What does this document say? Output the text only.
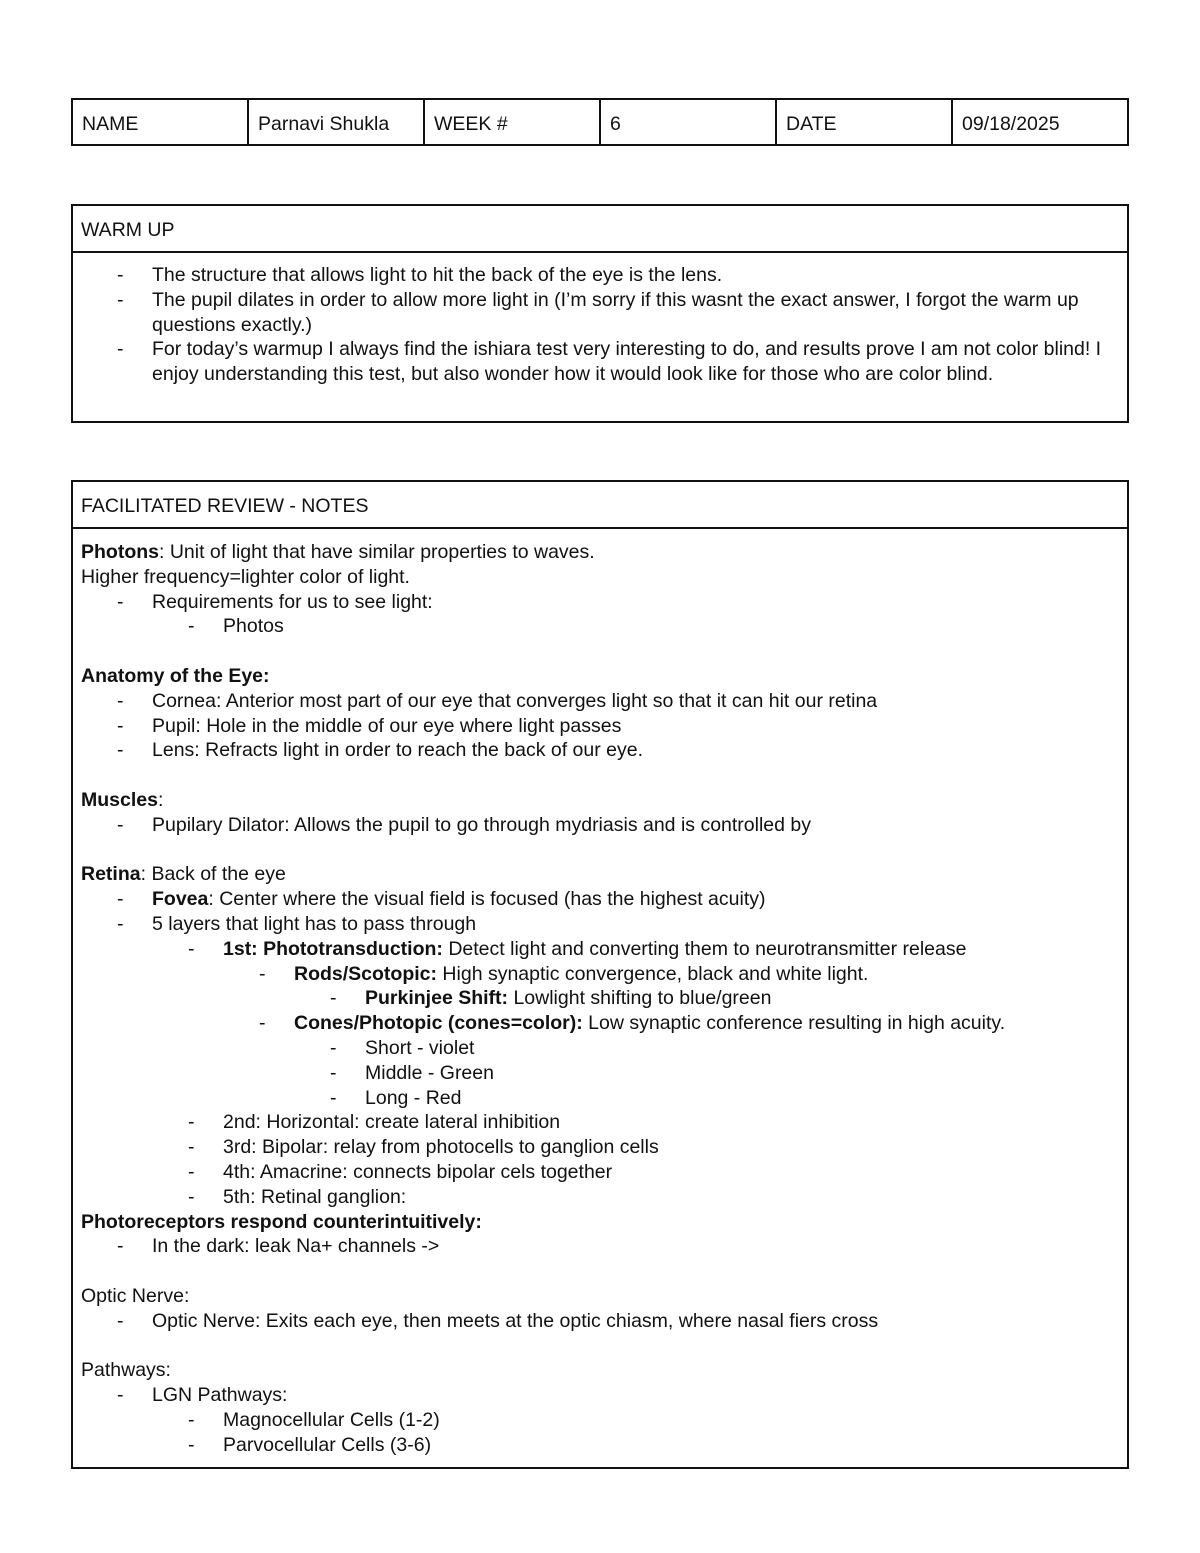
NAME	Parnavi Shukla	WEEK #	6	DATE	09/18/2025
WARM UP
- The structure that allows light to hit the back of the eye is the lens.
- The pupil dilates in order to allow more light in (I’m sorry if this wasnt the exact answer, I forgot the warm up questions exactly.)
- For today’s warmup I always find the ishiara test very interesting to do, and results prove I am not color blind! I enjoy understanding this test, but also wonder how it would look like for those who are color blind.
FACILITATED REVIEW - NOTES
Photons: Unit of light that have similar properties to waves.
Higher frequency=lighter color of light.
- Requirements for us to see light:
- Photos
Anatomy of the Eye:
- Cornea: Anterior most part of our eye that converges light so that it can hit our retina
- Pupil: Hole in the middle of our eye where light passes
- Lens: Refracts light in order to reach the back of our eye.
Muscles:
- Pupilary Dilator: Allows the pupil to go through mydriasis and is controlled by
Retina: Back of the eye
- Fovea: Center where the visual field is focused (has the highest acuity)
- 5 layers that light has to pass through
- 1st: Phototransduction: Detect light and converting them to neurotransmitter release
- Rods/Scotopic: High synaptic convergence, black and white light.
- Purkinjee Shift: Lowlight shifting to blue/green
- Cones/Photopic (cones=color): Low synaptic conference resulting in high acuity.
- Short - violet
- Middle - Green
- Long - Red
- 2nd: Horizontal: create lateral inhibition
- 3rd: Bipolar: relay from photocells to ganglion cells
- 4th: Amacrine: connects bipolar cels together
- 5th: Retinal ganglion:
Photoreceptors respond counterintuitively:
- In the dark: leak Na+ channels ->
Optic Nerve:
- Optic Nerve: Exits each eye, then meets at the optic chiasm, where nasal fiers cross
Pathways:
- LGN Pathways:
- Magnocellular Cells (1-2)
- Parvocellular Cells (3-6)
